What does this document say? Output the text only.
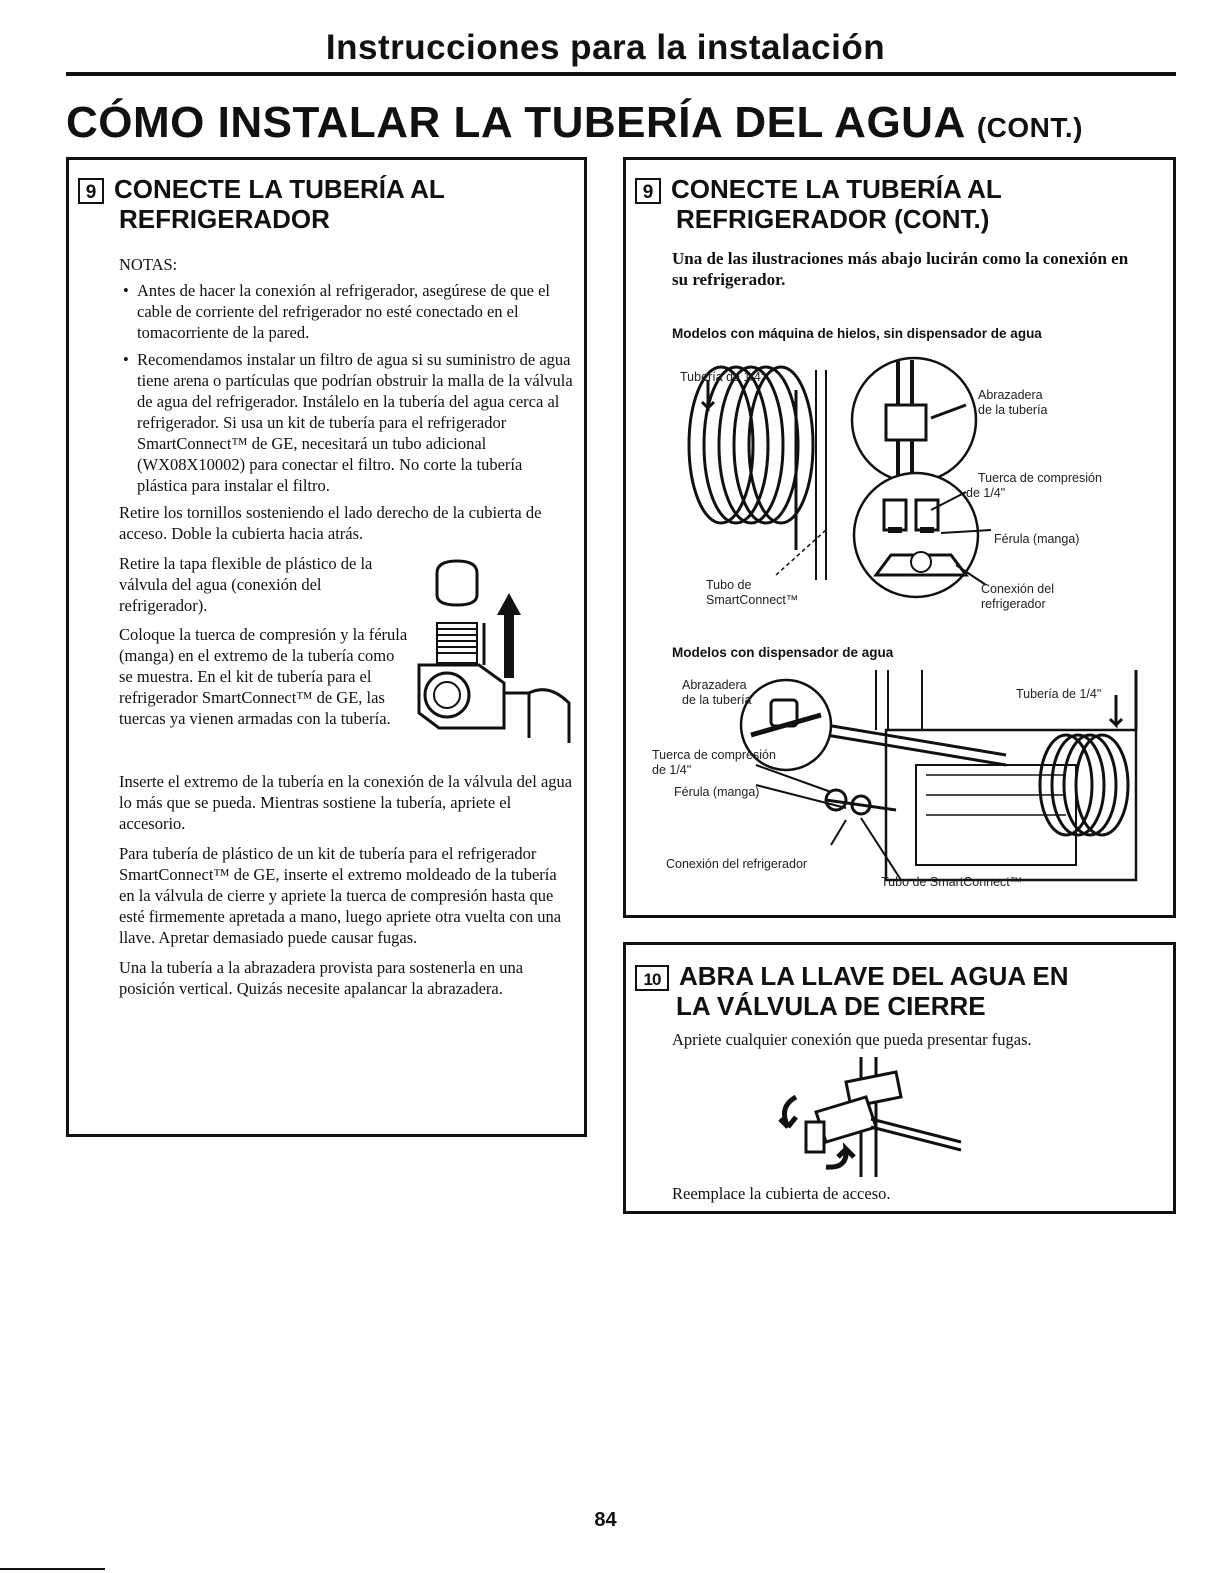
Instrucciones para la instalación
CÓMO INSTALAR LA TUBERÍA DEL AGUA (CONT.)
9 CONECTE LA TUBERÍA AL
REFRIGERADOR
NOTAS:
• Antes de hacer la conexión al refrigerador, asegúrese de que el cable de corriente del refrigerador no esté conectado en el tomacorriente de la pared.
• Recomendamos instalar un filtro de agua si su suministro de agua tiene arena o partículas que podrían obstruir la malla de la válvula de agua del refrigerador. Instálelo en la tubería del agua cerca al refrigerador. Si usa un kit de tubería para el refrigerador SmartConnect™ de GE, necesitará un tubo adicional (WX08X10002) para conectar el filtro. No corte la tubería plástica para instalar el filtro.

Retire los tornillos sosteniendo el lado derecho de la cubierta de acceso. Doble la cubierta hacia atrás.

Retire la tapa flexible de plástico de la válvula del agua (conexión del refrigerador).

Coloque la tuerca de compresión y la férula (manga) en el extremo de la tubería como se muestra. En el kit de tubería para el refrigerador SmartConnect™ de GE, las tuercas ya vienen armadas con la tubería.

Inserte el extremo de la tubería en la conexión de la válvula del agua lo más que se pueda. Mientras sostiene la tubería, apriete el accesorio.

Para tubería de plástico de un kit de tubería para el refrigerador SmartConnect™ de GE, inserte el extremo moldeado de la tubería en la válvula de cierre y apriete la tuerca de compresión hasta que esté firmemente apretada a mano, luego apriete otra vuelta con una llave. Apretar demasiado puede causar fugas.

Una la tubería a la abrazadera provista para sostenerla en una posición vertical. Quizás necesite apalancar la abrazadera.

9 CONECTE LA TUBERÍA AL
REFRIGERADOR (CONT.)
Una de las ilustraciones más abajo lucirán como la conexión en su refrigerador.
Modelos con máquina de hielos, sin dispensador de agua
Tubería de 1/4"
Abrazadera
de la tubería
Tuerca de compresión
de 1/4"
Férula (manga)
Tubo de
SmartConnect™
Conexión del
refrigerador
Modelos con dispensador de agua
Abrazadera
de la tubería	Tubería de 1/4"
Tuerca de compresión
de 1/4"
Férula (manga)
Conexión del refrigerador
Tubo de SmartConnect™
10 ABRA LA LLAVE DEL AGUA EN
LA VÁLVULA DE CIERRE
Apriete cualquier conexión que pueda presentar fugas.
Reemplace la cubierta de acceso.
84
